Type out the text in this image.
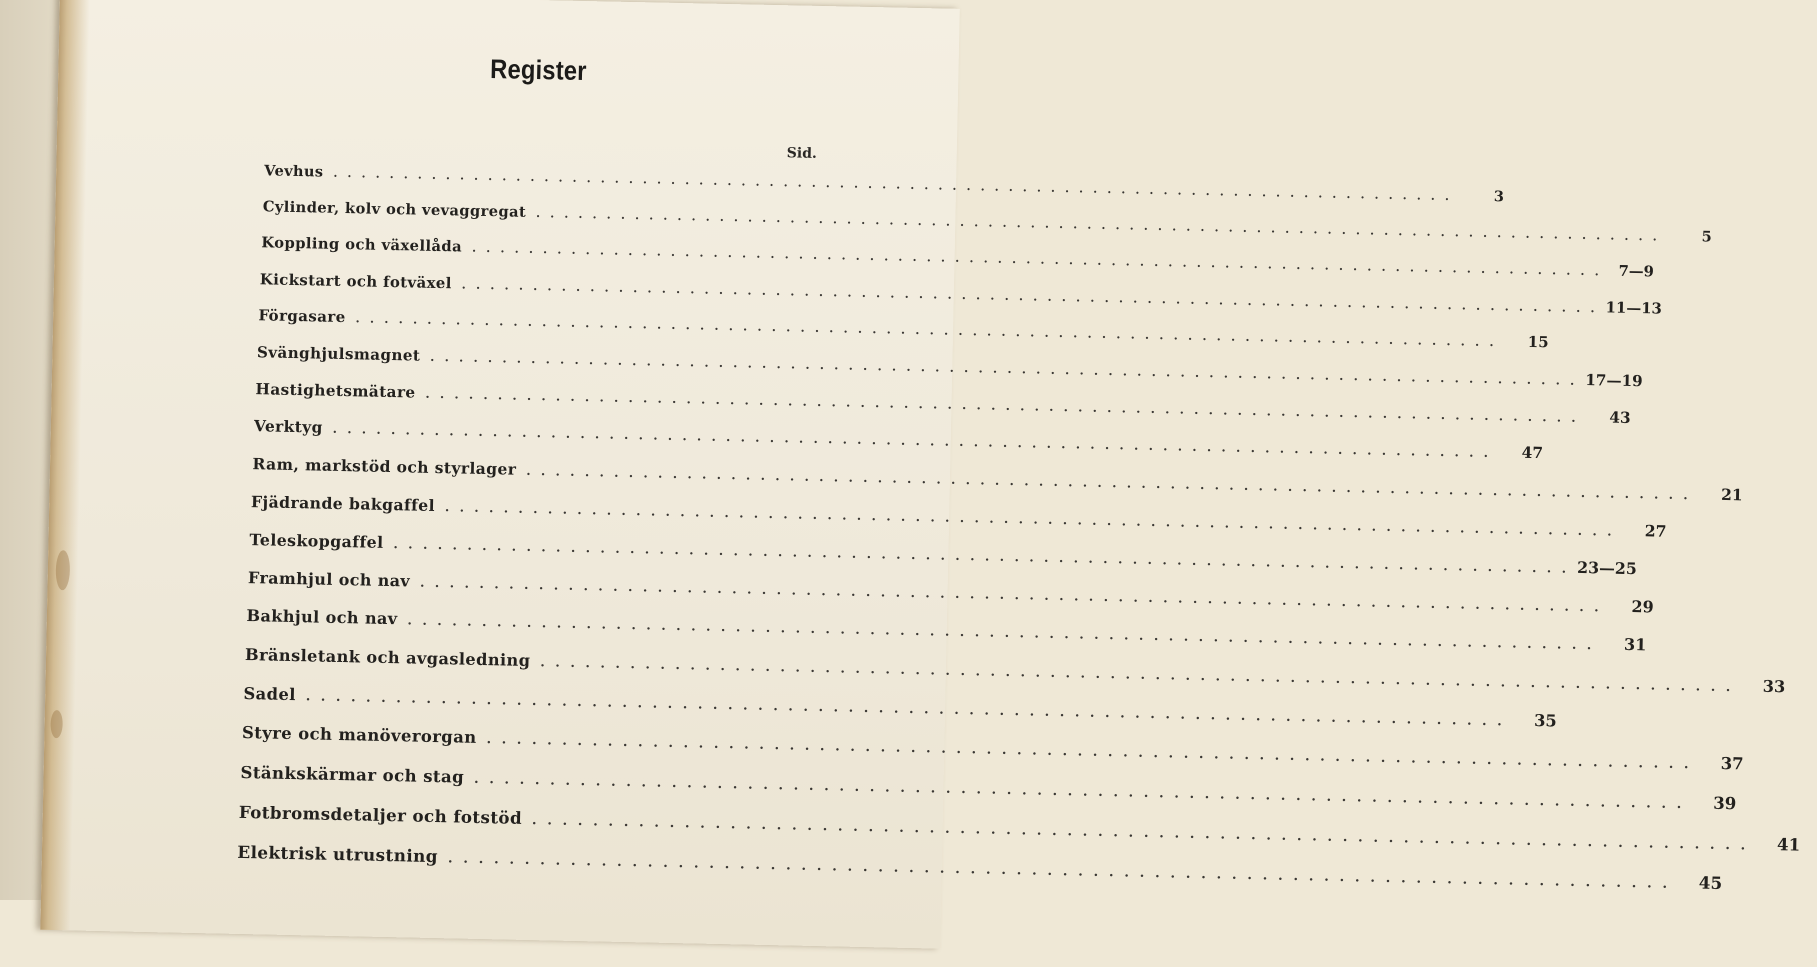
Register
Sid.
Vevhus . . . . . . . . . . . . . . . . . . . . . . . . . . . . . . . . . . . . . . . . . . . . . . . . . . . . . . . . . . . . . . . . . . . . . . . . . . . . . . . .	3
Cylinder, kolv och vevaggregat . . . . . . . . . . . . . . . . . . . . . . . . . . . . . . . . . . . . . . . . . . . . . . . . . . . . . . . . . . . . . . . . . . . . . . . . . . . . . . . .	5
Koppling och växellåda . . . . . . . . . . . . . . . . . . . . . . . . . . . . . . . . . . . . . . . . . . . . . . . . . . . . . . . . . . . . . . . . . . . . . . . . . . . . . . . .	7—9
Kickstart och fotväxel . . . . . . . . . . . . . . . . . . . . . . . . . . . . . . . . . . . . . . . . . . . . . . . . . . . . . . . . . . . . . . . . . . . . . . . . . . . . . . . . 11—13
Förgasare . . . . . . . . . . . . . . . . . . . . . . . . . . . . . . . . . . . . . . . . . . . . . . . . . . . . . . . . . . . . . . . . . . . . . . . . . . . . . . . .	15
Svänghjulsmagnet . . . . . . . . . . . . . . . . . . . . . . . . . . . . . . . . . . . . . . . . . . . . . . . . . . . . . . . . . . . . . . . . . . . . . . . . . . . . . . . . 17—19
Hastighetsmätare . . . . . . . . . . . . . . . . . . . . . . . . . . . . . . . . . . . . . . . . . . . . . . . . . . . . . . . . . . . . . . . . . . . . . . . . . . . . . . . .	43
Verktyg . . . . . . . . . . . . . . . . . . . . . . . . . . . . . . . . . . . . . . . . . . . . . . . . . . . . . . . . . . . . . . . . . . . . . . . . . . . . . . . .	47
Ram, markstöd och styrlager . . . . . . . . . . . . . . . . . . . . . . . . . . . . . . . . . . . . . . . . . . . . . . . . . . . . . . . . . . . . . . . . . . . . . . . . . . . . . . . .	21
Fjädrande bakgaffel . . . . . . . . . . . . . . . . . . . . . . . . . . . . . . . . . . . . . . . . . . . . . . . . . . . . . . . . . . . . . . . . . . . . . . . . . . . . . . . .	27
Teleskopgaffel . . . . . . . . . . . . . . . . . . . . . . . . . . . . . . . . . . . . . . . . . . . . . . . . . . . . . . . . . . . . . . . . . . . . . . . . . . . . . . . . 23—25
Framhjul och nav . . . . . . . . . . . . . . . . . . . . . . . . . . . . . . . . . . . . . . . . . . . . . . . . . . . . . . . . . . . . . . . . . . . . . . . . . . . . . . . .	29
Bakhjul och nav . . . . . . . . . . . . . . . . . . . . . . . . . . . . . . . . . . . . . . . . . . . . . . . . . . . . . . . . . . . . . . . . . . . . . . . . . . . . . . . .	31
Bränsletank och avgasledning . . . . . . . . . . . . . . . . . . . . . . . . . . . . . . . . . . . . . . . . . . . . . . . . . . . . . . . . . . . . . . . . . . . . . . . . . . . . . . . .	33
Sadel . . . . . . . . . . . . . . . . . . . . . . . . . . . . . . . . . . . . . . . . . . . . . . . . . . . . . . . . . . . . . . . . . . . . . . . . . . . . . . . .	35
Styre och manöverorgan . . . . . . . . . . . . . . . . . . . . . . . . . . . . . . . . . . . . . . . . . . . . . . . . . . . . . . . . . . . . . . . . . . . . . . . . . . . . . . . .	37
Stänkskärmar och stag . . . . . . . . . . . . . . . . . . . . . . . . . . . . . . . . . . . . . . . . . . . . . . . . . . . . . . . . . . . . . . . . . . . . . . . . . . . . . . . .	39
Fotbromsdetaljer och fotstöd . . . . . . . . . . . . . . . . . . . . . . . . . . . . . . . . . . . . . . . . . . . . . . . . . . . . . . . . . . . . . . . . . . . . . . . . . . . . . . . .	41
Elektrisk utrustning . . . . . . . . . . . . . . . . . . . . . . . . . . . . . . . . . . . . . . . . . . . . . . . . . . . . . . . . . . . . . . . . . . . . . . . . . . . . . . . .	45
